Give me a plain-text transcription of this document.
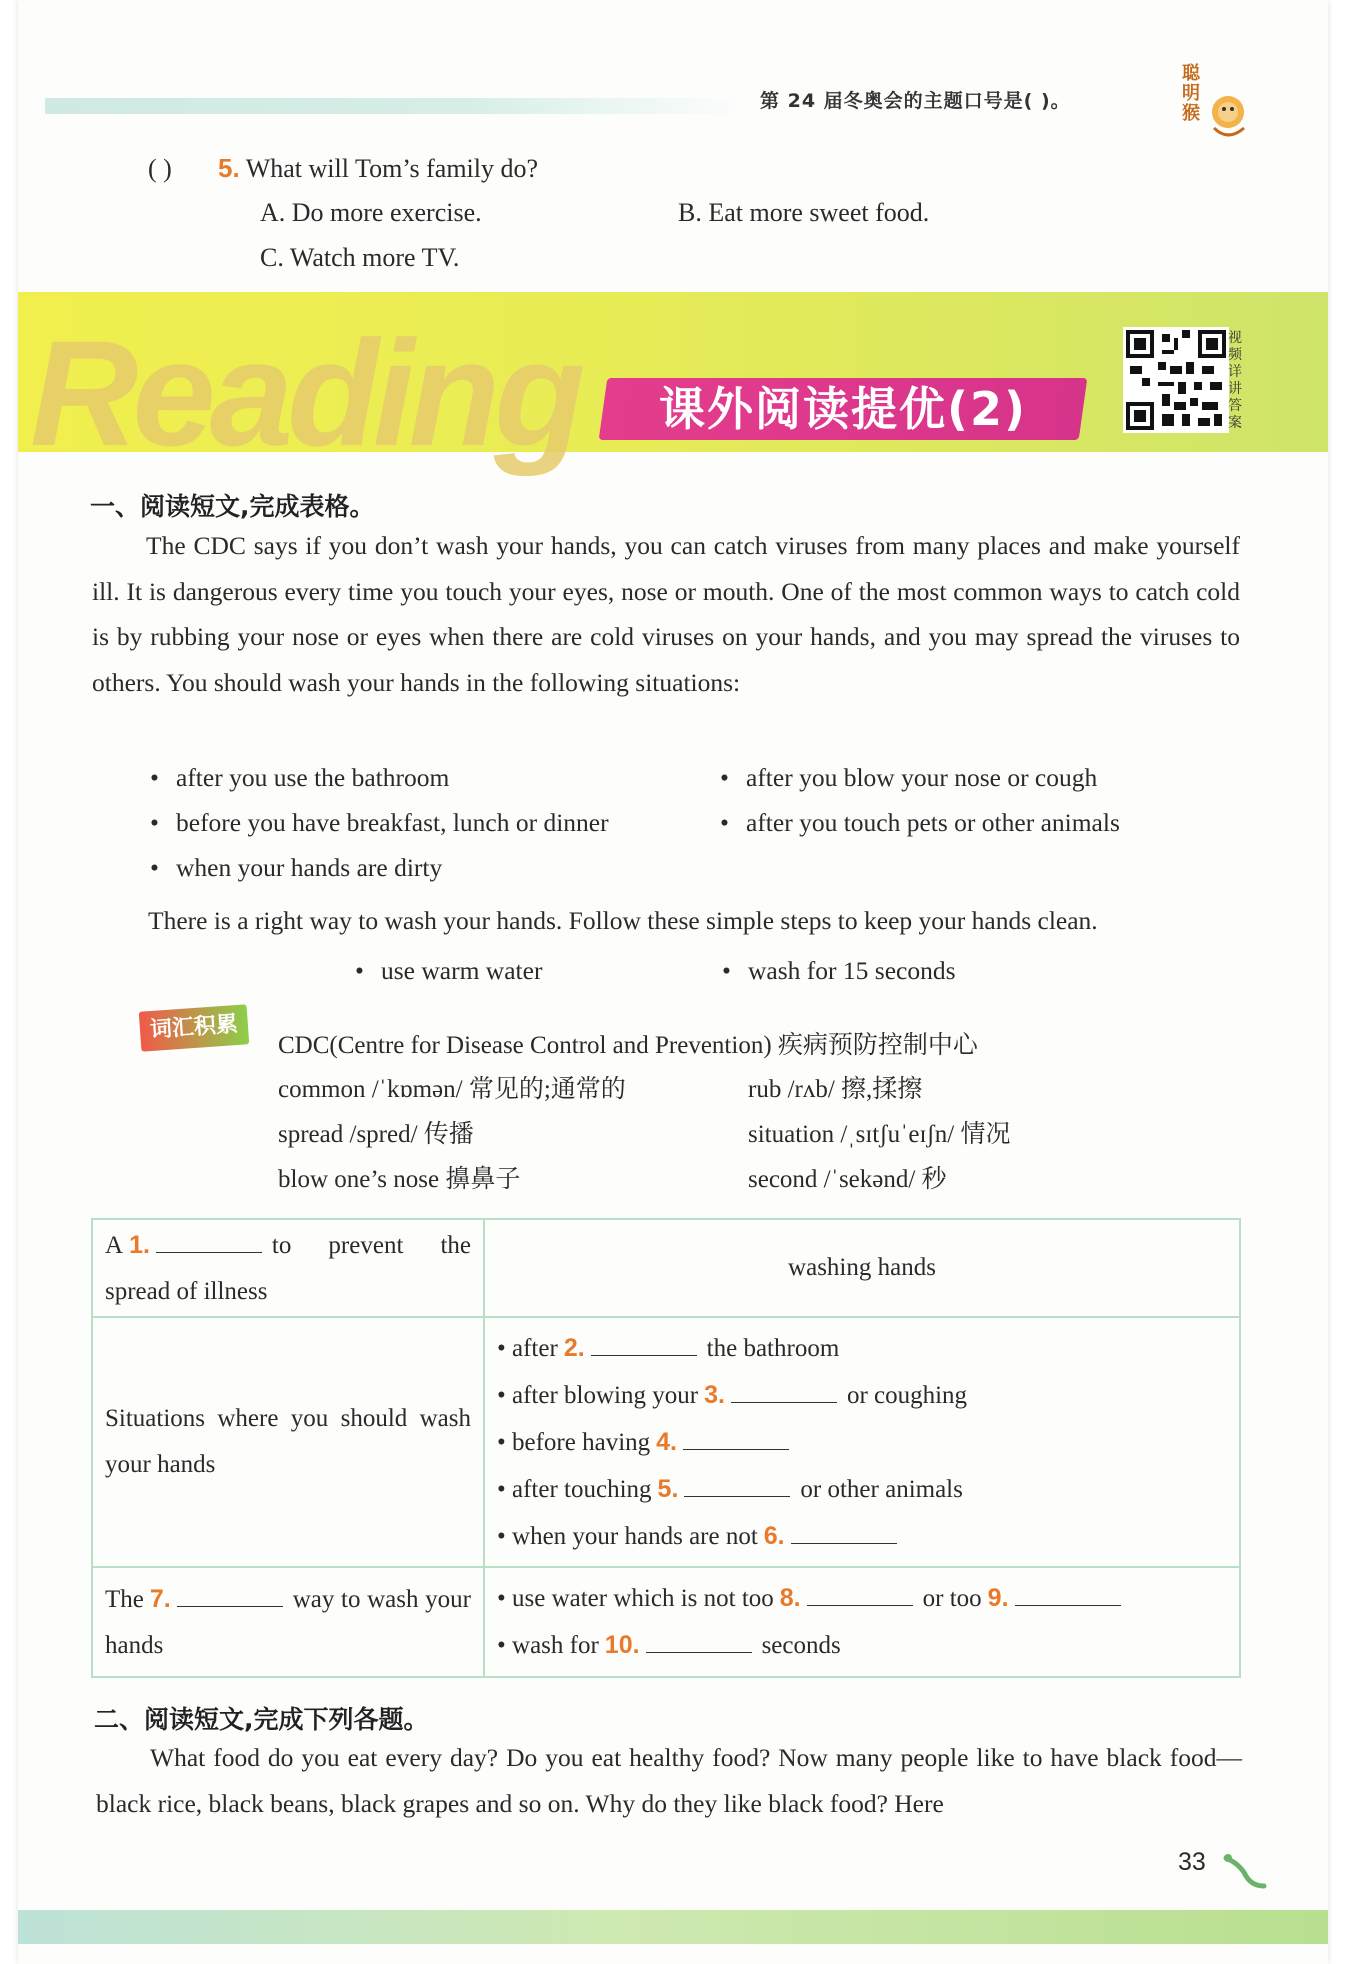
第 24 届冬奥会的主题口号是( )。
聪明猴
( ) 5. What will Tom’s family do?
A. Do more exercise.	B. Eat more sweet food.
C. Watch more TV.
Reading	课外阅读提优(2)
视频详讲答案
一、阅读短文,完成表格。
The CDC says if you don’t wash your hands, you can catch viruses from many places and make yourself ill. It is dangerous every time you touch your eyes, nose or mouth. One of the most common ways to catch cold is by rubbing your nose or eyes when there are cold viruses on your hands, and you may spread the viruses to others. You should wash your hands in the following situations:
• after you use the bathroom	• after you blow your nose or cough
• before you have breakfast, lunch or dinner	• after you touch pets or other animals
• when your hands are dirty
There is a right way to wash your hands. Follow these simple steps to keep your hands clean.
• use warm water	• wash for 15 seconds
词汇积累
CDC(Centre for Disease Control and Prevention) 疾病预防控制中心
common /ˈkɒmən/ 常见的;通常的	rub /rʌb/ 擦,揉擦
spread /spred/ 传播	situation /ˌsɪtʃuˈeɪʃn/ 情况
blow one’s nose 擤鼻子	second /ˈsekənd/ 秒
A 1. to prevent the spread of illness	washing hands
Situations where you should wash your hands	• after 2. the bathroom
• after blowing your 3. or coughing
• before having 4.
• after touching 5. or other animals
• when your hands are not 6.

The 7. way to wash your hands	• use water which is not too 8. or too 9.
• wash for 10. seconds
二、阅读短文,完成下列各题。
What food do you eat every day? Do you eat healthy food? Now many people like to have black food—black rice, black beans, black grapes and so on. Why do they like black food? Here
33
